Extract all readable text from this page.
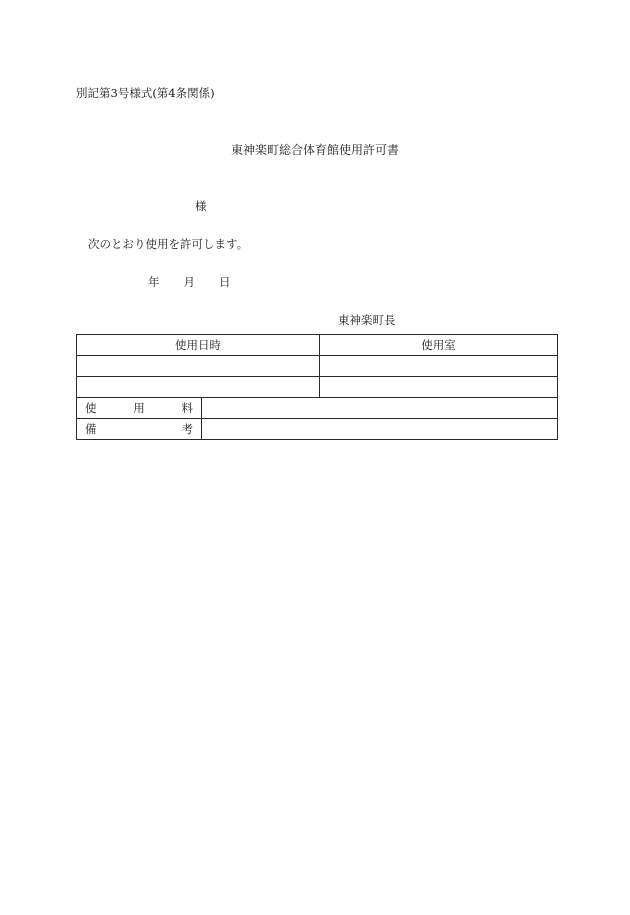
別記第3号様式(第4条関係)
東神楽町総合体育館使用許可書
様
次のとおり使用を許可します。
年 月 日
東神楽町長
使用日時		使用室

使 用 料		

備 考		
